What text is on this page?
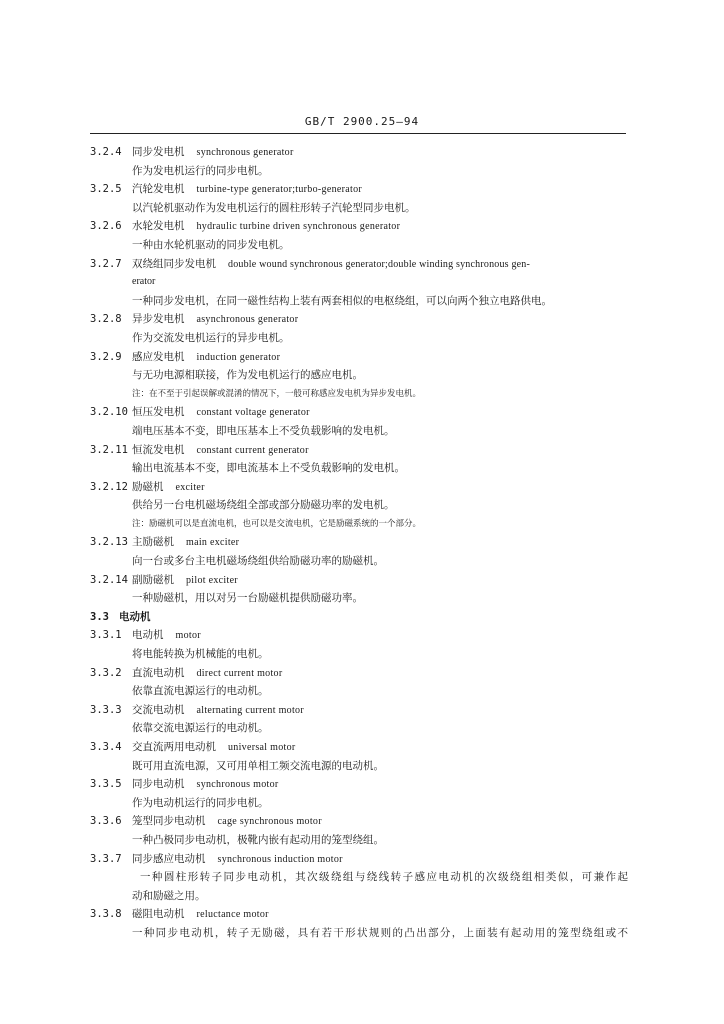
GB/T 2900.25—94
3.2.4 同步发电机 synchronous generator
作为发电机运行的同步电机。
3.2.5 汽轮发电机 turbine-type generator;turbo-generator
以汽轮机驱动作为发电机运行的圆柱形转子汽轮型同步电机。
3.2.6 水轮发电机 hydraulic turbine driven synchronous generator
一种由水轮机驱动的同步发电机。
3.2.7 双绕组同步发电机 double wound synchronous generator;double winding synchronous gen-
erator
一种同步发电机，在同一磁性结构上装有两套相似的电枢绕组，可以向两个独立电路供电。
3.2.8 异步发电机 asynchronous generator
作为交流发电机运行的异步电机。
3.2.9 感应发电机 induction generator
与无功电源相联接，作为发电机运行的感应电机。
注：在不至于引起误解或混淆的情况下，一般可称感应发电机为异步发电机。
3.2.10 恒压发电机 constant voltage generator
端电压基本不变，即电压基本上不受负载影响的发电机。
3.2.11 恒流发电机 constant current generator
输出电流基本不变，即电流基本上不受负载影响的发电机。
3.2.12 励磁机 exciter
供给另一台电机磁场绕组全部或部分励磁功率的发电机。
注：励磁机可以是直流电机，也可以是交流电机，它是励磁系统的一个部分。
3.2.13 主励磁机 main exciter
向一台或多台主电机磁场绕组供给励磁功率的励磁机。
3.2.14 副励磁机 pilot exciter
一种励磁机，用以对另一台励磁机提供励磁功率。
3.3 电动机
3.3.1 电动机 motor
将电能转换为机械能的电机。
3.3.2 直流电动机 direct current motor
依靠直流电源运行的电动机。
3.3.3 交流电动机 alternating current motor
依靠交流电源运行的电动机。
3.3.4 交直流两用电动机 universal motor
既可用直流电源，又可用单相工频交流电源的电动机。
3.3.5 同步电动机 synchronous motor
作为电动机运行的同步电机。
3.3.6 笼型同步电动机 cage synchronous motor
一种凸极同步电动机，极靴内嵌有起动用的笼型绕组。
3.3.7 同步感应电动机 synchronous induction motor
一种圆柱形转子同步电动机，其次级绕组与绕线转子感应电动机的次级绕组相类似，可兼作起
动和励磁之用。
3.3.8 磁阻电动机 reluctance motor
一种同步电动机，转子无励磁，具有若干形状规则的凸出部分，上面装有起动用的笼型绕组或不
